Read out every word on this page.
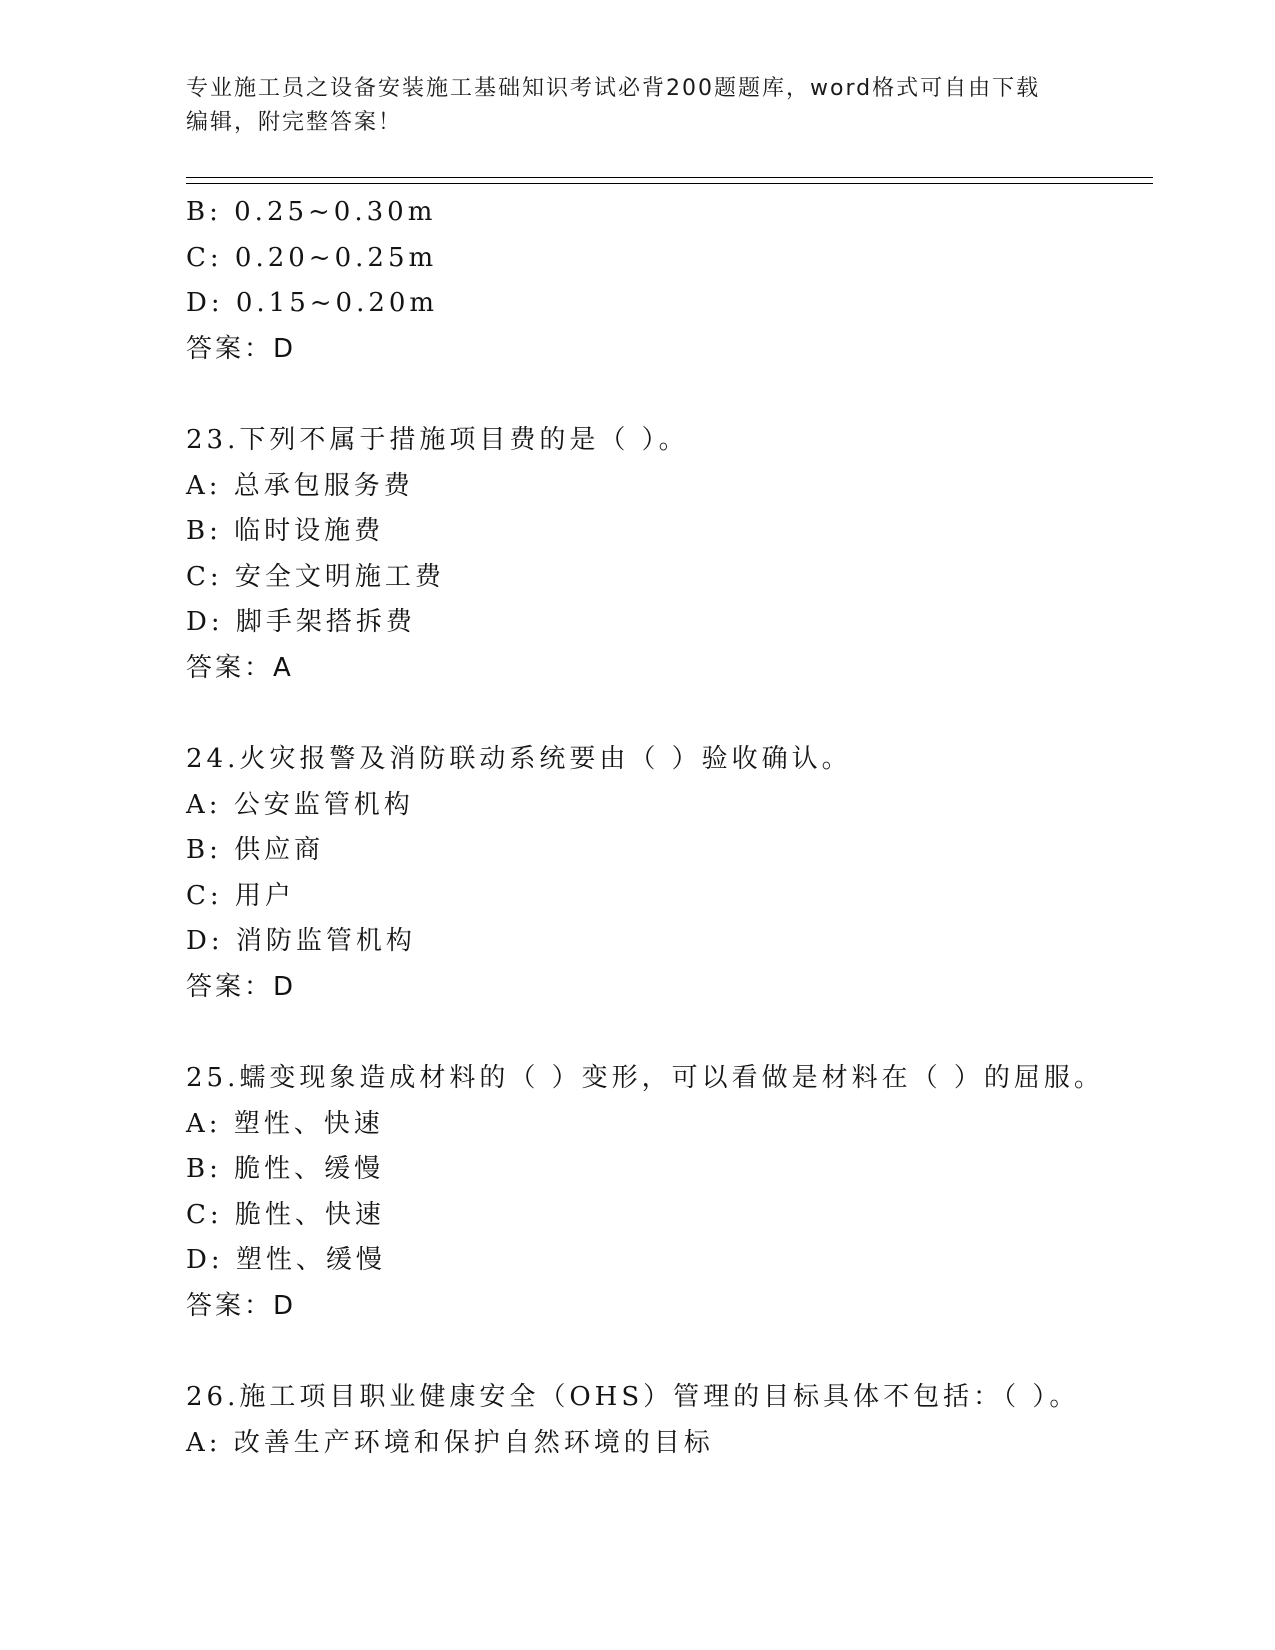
专业施工员之设备安装施工基础知识考试必背200题题库，word格式可自由下载
编辑，附完整答案！
B: 0.25~0.30m
C: 0.20~0.25m
D: 0.15~0.20m
答案：D
23.下列不属于措施项目费的是（ ）。
A: 总承包服务费
B: 临时设施费
C: 安全文明施工费
D: 脚手架搭拆费
答案：A
24.火灾报警及消防联动系统要由（ ）验收确认。
A: 公安监管机构
B: 供应商
C: 用户
D: 消防监管机构
答案：D
25.蠕变现象造成材料的（ ）变形，可以看做是材料在（ ）的屈服。
A: 塑性、快速
B: 脆性、缓慢
C: 脆性、快速
D: 塑性、缓慢
答案：D
26.施工项目职业健康安全（OHS）管理的目标具体不包括：（ ）。
A: 改善生产环境和保护自然环境的目标
